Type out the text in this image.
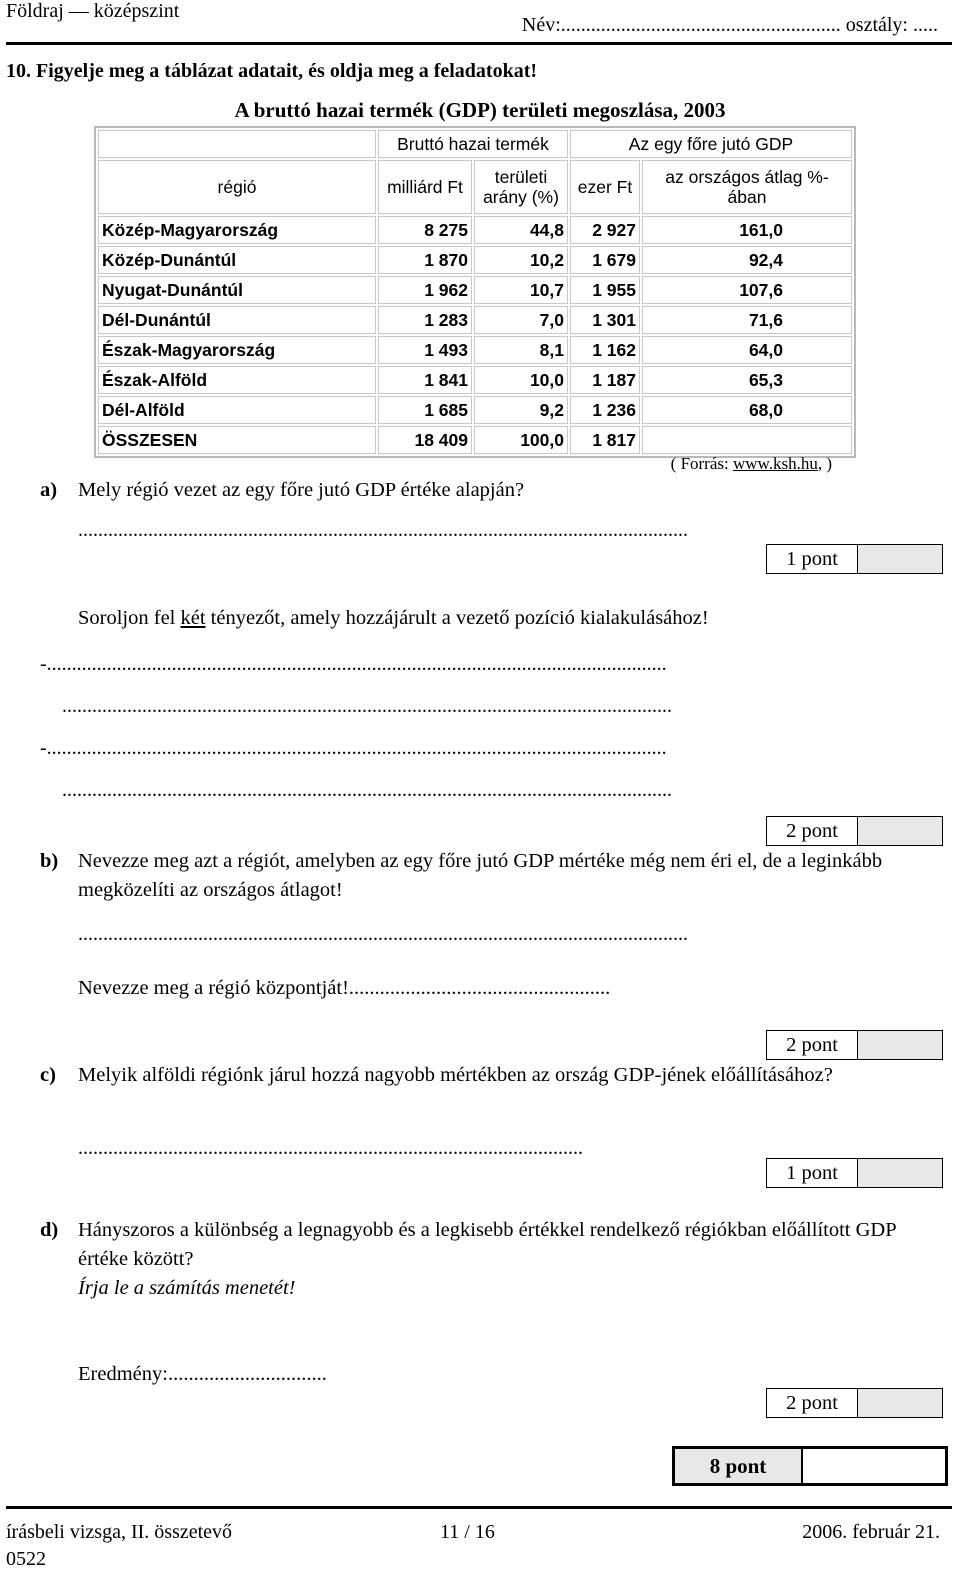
Földraj — középszint
Név:........................................................ osztály: .....
10. Figyelje meg a táblázat adatait, és oldja meg a feladatokat!
A bruttó hazai termék (GDP) területi megoszlása, 2003
	Bruttó hazai termék		Az egy főre jutó GDP	
régió	milliárd Ft	területi arány (%)	ezer Ft	az országos átlag %-ában
Közép-Magyarország	8 275	44,8	2 927	161,0
Közép-Dunántúl	1 870	10,2	1 679	92,4
Nyugat-Dunántúl	1 962	10,7	1 955	107,6
Dél-Dunántúl	1 283	7,0	1 301	71,6
Észak-Magyarország	1 493	8,1	1 162	64,0
Észak-Alföld	1 841	10,0	1 187	65,3
Dél-Alföld	1 685	9,2	1 236	68,0
ÖSSZESEN	18 409	100,0	1 817	
( Forrás: www.ksh.hu, )
a) Mely régió vezet az egy főre jutó GDP értéke alapján?
..........................................................................................................................
1 pont
Soroljon fel két tényezőt, amely hozzájárult a vezető pozíció kialakulásához!
-............................................................................................................................
..........................................................................................................................
-............................................................................................................................
..........................................................................................................................
2 pont
b) Nevezze meg azt a régiót, amelyben az egy főre jutó GDP mértéke még nem éri el, de a leginkább megközelíti az országos átlagot!
..........................................................................................................................
Nevezze meg a régió központját!...................................................
2 pont
c) Melyik alföldi régiónk járul hozzá nagyobb mértékben az ország GDP-jének előállításához?
.....................................................................................................
1 pont
d) Hányszoros a különbség a legnagyobb és a legkisebb értékkel rendelkező régiókban előállított GDP értéke között?
Írja le a számítás menetét!
Eredmény:...............................
2 pont
8 pont
írásbeli vizsga, II. összetevő
0522
11 / 16	2006. február 21.
